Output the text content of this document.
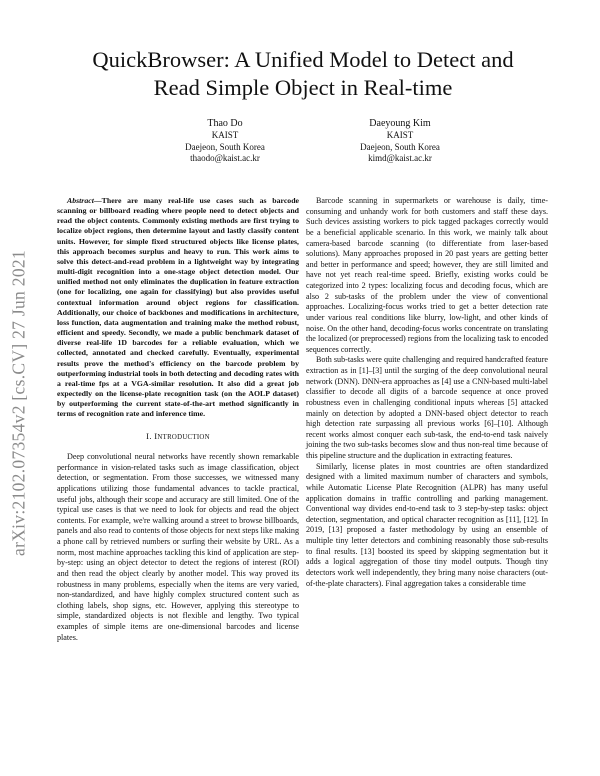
arXiv:2102.07354v2 [cs.CV] 27 Jun 2021
QuickBrowser: A Unified Model to Detect and
Read Simple Object in Real-time
Thao Do
KAIST
Daejeon, South Korea
thaodo@kaist.ac.kr
Daeyoung Kim
KAIST
Daejeon, South Korea
kimd@kaist.ac.kr

Abstract—There are many real-life use cases such as barcode scanning or billboard reading where people need to detect objects and read the object contents. Commonly existing methods are first trying to localize object regions, then determine layout and lastly classify content units. However, for simple fixed structured objects like license plates, this approach becomes surplus and heavy to run. This work aims to solve this detect-and-read problem in a lightweight way by integrating multi-digit recognition into a one-stage object detection model. Our unified method not only eliminates the duplication in feature extraction (one for localizing, one again for classifying) but also provides useful contextual information around object regions for classification. Additionally, our choice of backbones and modifications in architecture, loss function, data augmentation and training make the method robust, efficient and speedy. Secondly, we made a public benchmark dataset of diverse real-life 1D barcodes for a reliable evaluation, which we collected, annotated and checked carefully. Eventually, experimental results prove the method's efficiency on the barcode problem by outperforming industrial tools in both detecting and decoding rates with a real-time fps at a VGA-similar resolution. It also did a great job expectedly on the license-plate recognition task (on the AOLP dataset) by outperforming the current state-of-the-art method significantly in terms of recognition rate and inference time.

I. INTRODUCTION

Deep convolutional neural networks have recently shown remarkable performance in vision-related tasks such as image classification, object detection, or segmentation. From those successes, we witnessed many applications utilizing those fundamental advances to tackle practical, useful jobs, although their scope and accuracy are still limited. One of the typical use cases is that we need to look for objects and read the object contents. For example, we're walking around a street to browse billboards, panels and also read to contents of those objects for next steps like making a phone call by retrieved numbers or surfing their website by URL. As a norm, most machine approaches tackling this kind of application are step-by-step: using an object detector to detect the regions of interest (ROI) and then read the object clearly by another model. This way proved its robustness in many problems, especially when the items are very varied, non-standardized, and have highly complex structured content such as clothing labels, shop signs, etc. However, applying this stereotype to simple, standardized objects is not flexible and lengthy. Two typical examples of simple items are one-dimensional barcodes and license plates.

Barcode scanning in supermarkets or warehouse is daily, time-consuming and unhandy work for both customers and staff these days. Such devices assisting workers to pick tagged packages correctly would be a beneficial applicable scenario. In this work, we mainly talk about camera-based barcode scanning (to differentiate from laser-based solutions). Many approaches proposed in 20 past years are getting better and better in performance and speed; however, they are still limited and have not yet reach real-time speed. Briefly, existing works could be categorized into 2 types: localizing focus and decoding focus, which are also 2 sub-tasks of the problem under the view of conventional approaches. Localizing-focus works tried to get a better detection rate under various real conditions like blurry, low-light, and other kinds of noise. On the other hand, decoding-focus works concentrate on translating the localized (or preprocessed) regions from the localizing task to encoded sequences correctly.

Both sub-tasks were quite challenging and required handcrafted feature extraction as in [1]–[3] until the surging of the deep convolutional neural network (DNN). DNN-era approaches as [4] use a CNN-based multi-label classifier to decode all digits of a barcode sequence at once proved robustness even in challenging conditional inputs whereas [5] attacked mainly on detection by adopted a DNN-based object detector to reach high detection rate surpassing all previous works [6]–[10]. Although recent works almost conquer each sub-task, the end-to-end task naively joining the two sub-tasks becomes slow and thus non-real time because of this pipeline structure and the duplication in extracting features.

Similarly, license plates in most countries are often standardized designed with a limited maximum number of characters and symbols, while Automatic License Plate Recognition (ALPR) has many useful application domains in traffic controlling and parking management. Conventional way divides end-to-end task to 3 step-by-step tasks: object detection, segmentation, and optical character recognition as [11], [12]. In 2019, [13] proposed a faster methodology by using an ensemble of multiple tiny letter detectors and combining reasonably those sub-results to final results. [13] boosted its speed by skipping segmentation but it adds a logical aggregation of those tiny model outputs. Though tiny detectors work well independently, they bring many noise characters (out-of-the-plate characters). Final aggregation takes a considerable time
